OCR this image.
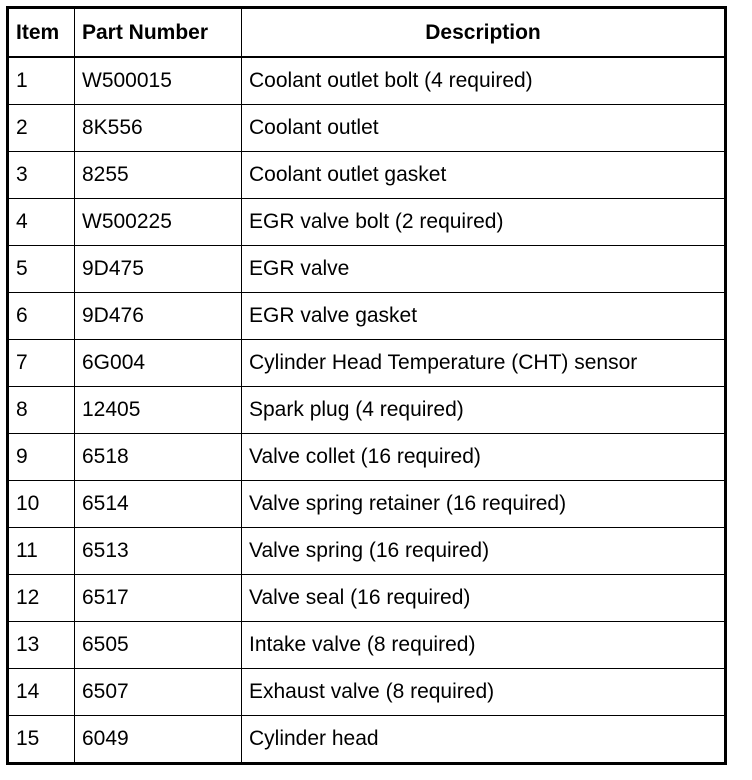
Item	Part Number	Description
1	W500015	Coolant outlet bolt (4 required)
2	8K556	Coolant outlet
3	8255	Coolant outlet gasket
4	W500225	EGR valve bolt (2 required)
5	9D475	EGR valve
6	9D476	EGR valve gasket
7	6G004	Cylinder Head Temperature (CHT) sensor
8	12405	Spark plug (4 required)
9	6518	Valve collet (16 required)
10	6514	Valve spring retainer (16 required)
11	6513	Valve spring (16 required)
12	6517	Valve seal (16 required)
13	6505	Intake valve (8 required)
14	6507	Exhaust valve (8 required)
15	6049	Cylinder head
